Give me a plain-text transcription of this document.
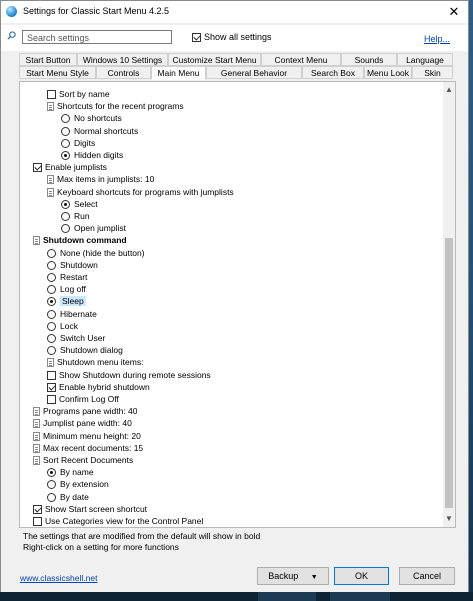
Settings for Classic Start Menu 4.2.5	✕
Search settings	Show all settings	Help...
Start Button	Windows 10 Settings	Customize Start Menu	Context Menu	Sounds	Language
Start Menu Style	Controls	Main Menu	General Behavior	Search Box	Menu Look	Skin
▲
▼
Sort by name
Shortcuts for the recent programs
No shortcuts
Normal shortcuts
Digits
Hidden digits
Enable jumplists
Max items in jumplists: 10
Keyboard shortcuts for programs with jumplists
Select
Run
Open jumplist
Shutdown command
None (hide the button)
Shutdown
Restart
Log off
Sleep
Hibernate
Lock
Switch User
Shutdown dialog
Shutdown menu items:
Show Shutdown during remote sessions
Enable hybrid shutdown
Confirm Log Off
Programs pane width: 40
Jumplist pane width: 40
Minimum menu height: 20
Max recent documents: 15
Sort Recent Documents
By name
By extension
By date
Show Start screen shortcut
Use Categories view for the Control Panel
The settings that are modified from the default will show in bold
Right-click on a setting for more functions
www.classicshell.net	Backup ▼	OK	Cancel
